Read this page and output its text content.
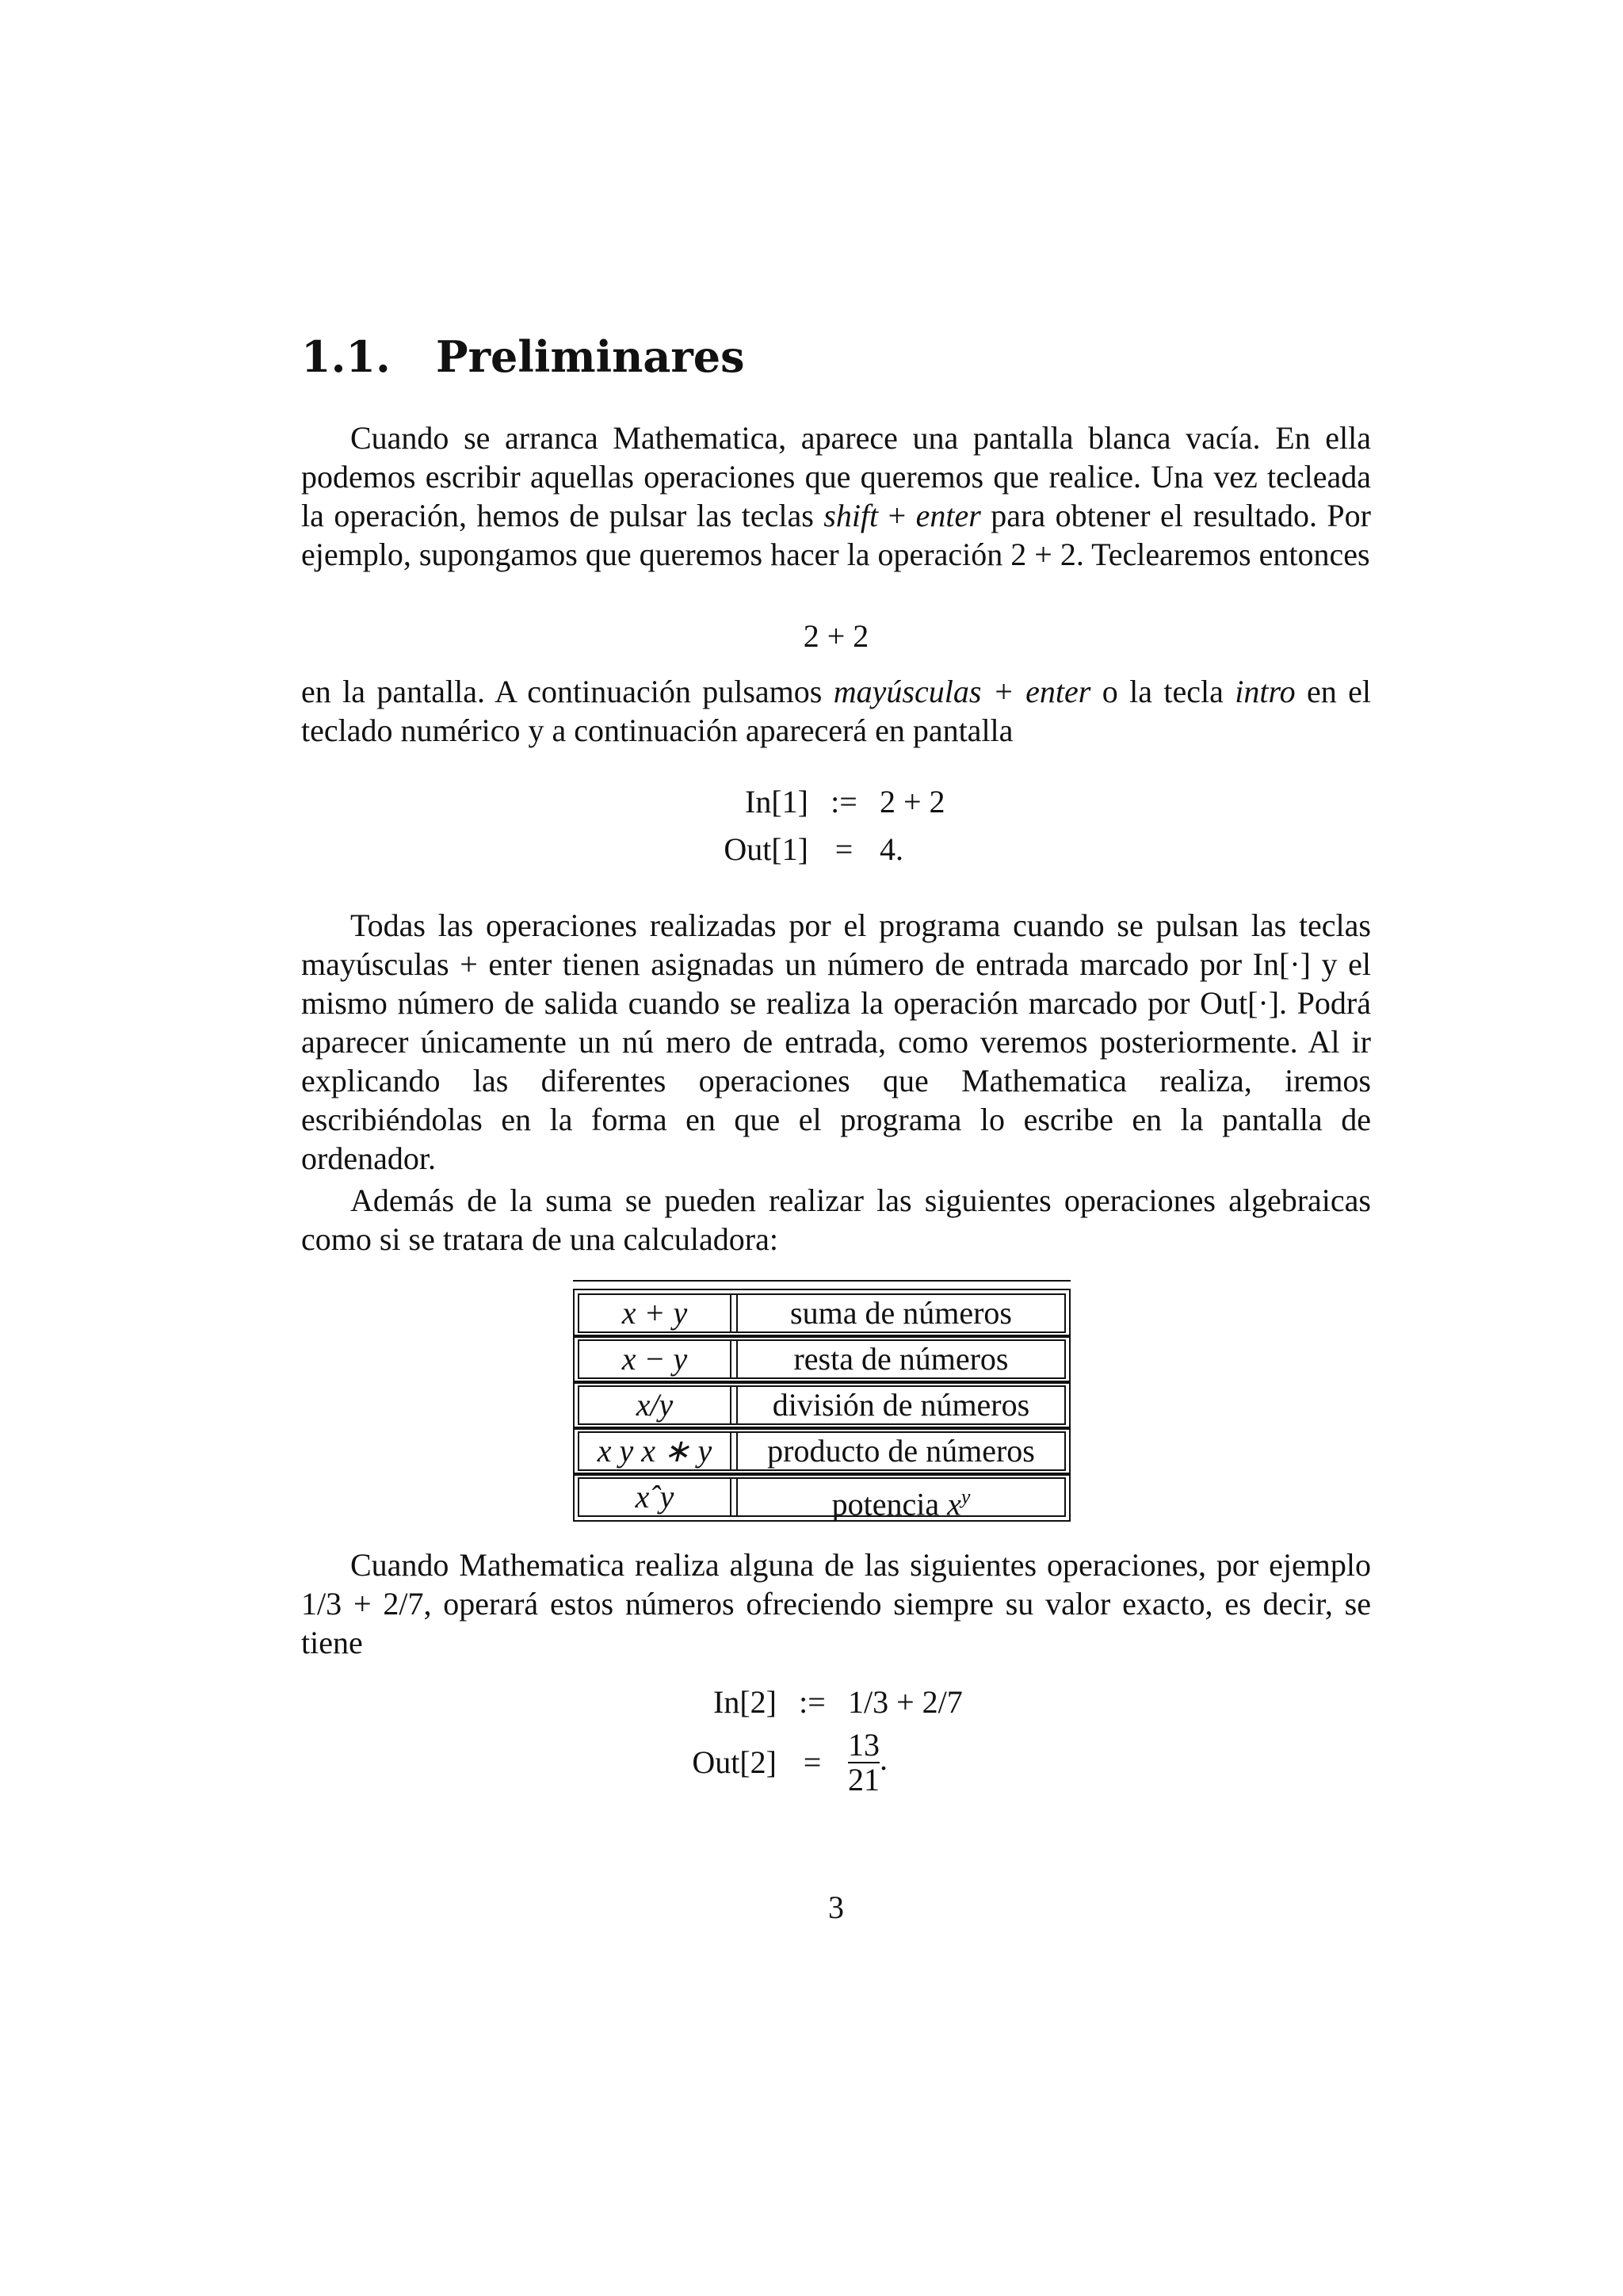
1.1. Preliminares

Cuando se arranca Mathematica, aparece una pantalla blanca vacía. En ella podemos escribir aquellas operaciones que queremos que realice. Una vez tecleada la operación, hemos de pulsar las teclas shift + enter para obtener el resultado. Por ejemplo, supongamos que queremos hacer la operación 2 + 2. Teclearemos entonces

2 + 2

en la pantalla. A continuación pulsamos mayúsculas + enter o la tecla intro en el teclado numérico y a continuación aparecerá en pantalla

In[1] := 2 + 2
Out[1] = 4.

Todas las operaciones realizadas por el programa cuando se pulsan las teclas mayúsculas + enter tienen asignadas un número de entrada marcado por In[·] y el mismo número de salida cuando se realiza la operación marcado por Out[·]. Podrá aparecer únicamente un nú mero de entrada, como veremos posteriormente. Al ir explicando las diferentes operaciones que Mathematica realiza, iremos escribiéndolas en la forma en que el programa lo escribe en la pantalla de ordenador.

Además de la suma se pueden realizar las siguientes operaciones algebraicas como si se tratara de una calculadora:

x + y	suma de números
x − y	resta de números
x/y	división de números
x y x ∗ y	producto de números
xˆy	potencia $x^y$

Cuando Mathematica realiza alguna de las siguientes operaciones, por ejemplo 1/3 + 2/7, operará estos números ofreciendo siempre su valor exacto, es decir, se tiene

In[2] := 1/3 + 2/7
$Out[2] = \frac{13}{21}$ .
3
